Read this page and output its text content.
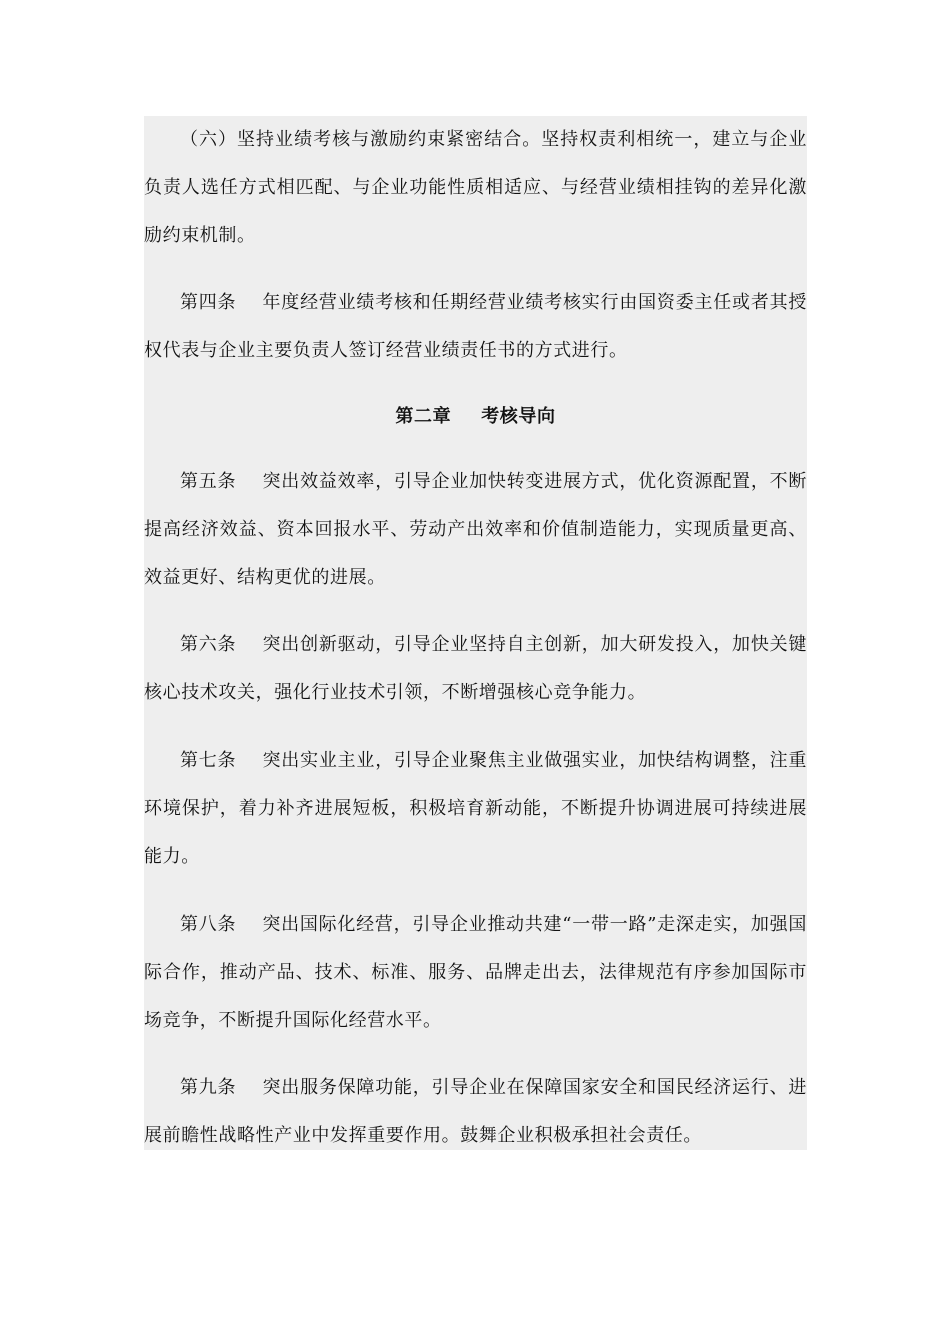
（六）坚持业绩考核与激励约束紧密结合。坚持权责利相统一，建立与企业负责人选任方式相匹配、与企业功能性质相适应、与经营业绩相挂钩的差异化激励约束机制。

第四条 年度经营业绩考核和任期经营业绩考核实行由国资委主任或者其授权代表与企业主要负责人签订经营业绩责任书的方式进行。

第二章 考核导向

第五条 突出效益效率，引导企业加快转变进展方式，优化资源配置，不断提高经济效益、资本回报水平、劳动产出效率和价值制造能力，实现质量更高、效益更好、结构更优的进展。

第六条 突出创新驱动，引导企业坚持自主创新，加大研发投入，加快关键核心技术攻关，强化行业技术引领，不断增强核心竞争能力。

第七条 突出实业主业，引导企业聚焦主业做强实业，加快结构调整，注重环境保护，着力补齐进展短板，积极培育新动能，不断提升协调进展可持续进展能力。

第八条 突出国际化经营，引导企业推动共建“一带一路”走深走实，加强国际合作，推动产品、技术、标准、服务、品牌走出去，法律规范有序参加国际市场竞争，不断提升国际化经营水平。

第九条 突出服务保障功能，引导企业在保障国家安全和国民经济运行、进展前瞻性战略性产业中发挥重要作用。鼓舞企业积极承担社会责任。
